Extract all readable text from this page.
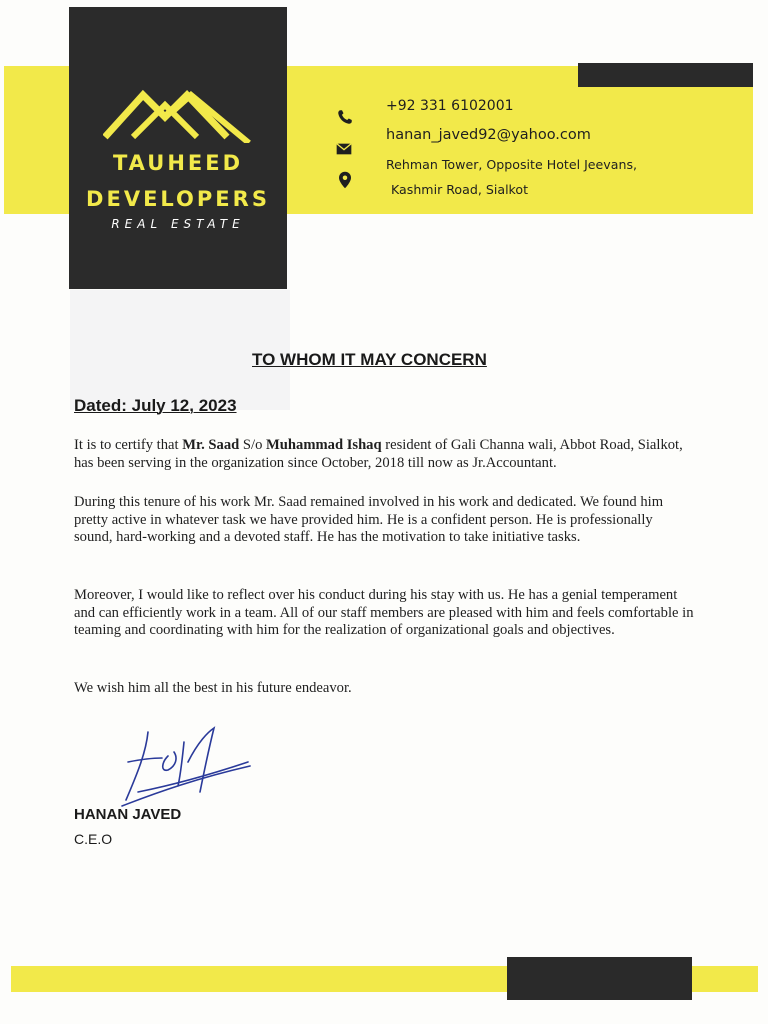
TAUHEED
DEVELOPERS
REAL ESTATE
+92 331 6102001
hanan_javed92@yahoo.com
Rehman Tower, Opposite Hotel Jeevans,
Kashmir Road, Sialkot
TO WHOM IT MAY CONCERN
Dated: July 12, 2023
It is to certify that Mr. Saad S/o Muhammad Ishaq resident of Gali Channa wali, Abbot Road, Sialkot, has been serving in the organization since October, 2018 till now as Jr.Accountant.
During this tenure of his work Mr. Saad remained involved in his work and dedicated. We found him pretty active in whatever task we have provided him. He is a confident person. He is professionally sound, hard-working and a devoted staff. He has the motivation to take initiative tasks.
Moreover, I would like to reflect over his conduct during his stay with us. He has a genial temperament and can efficiently work in a team. All of our staff members are pleased with him and feels comfortable in teaming and coordinating with him for the realization of organizational goals and objectives.
We wish him all the best in his future endeavor.
HANAN JAVED
C.E.O
